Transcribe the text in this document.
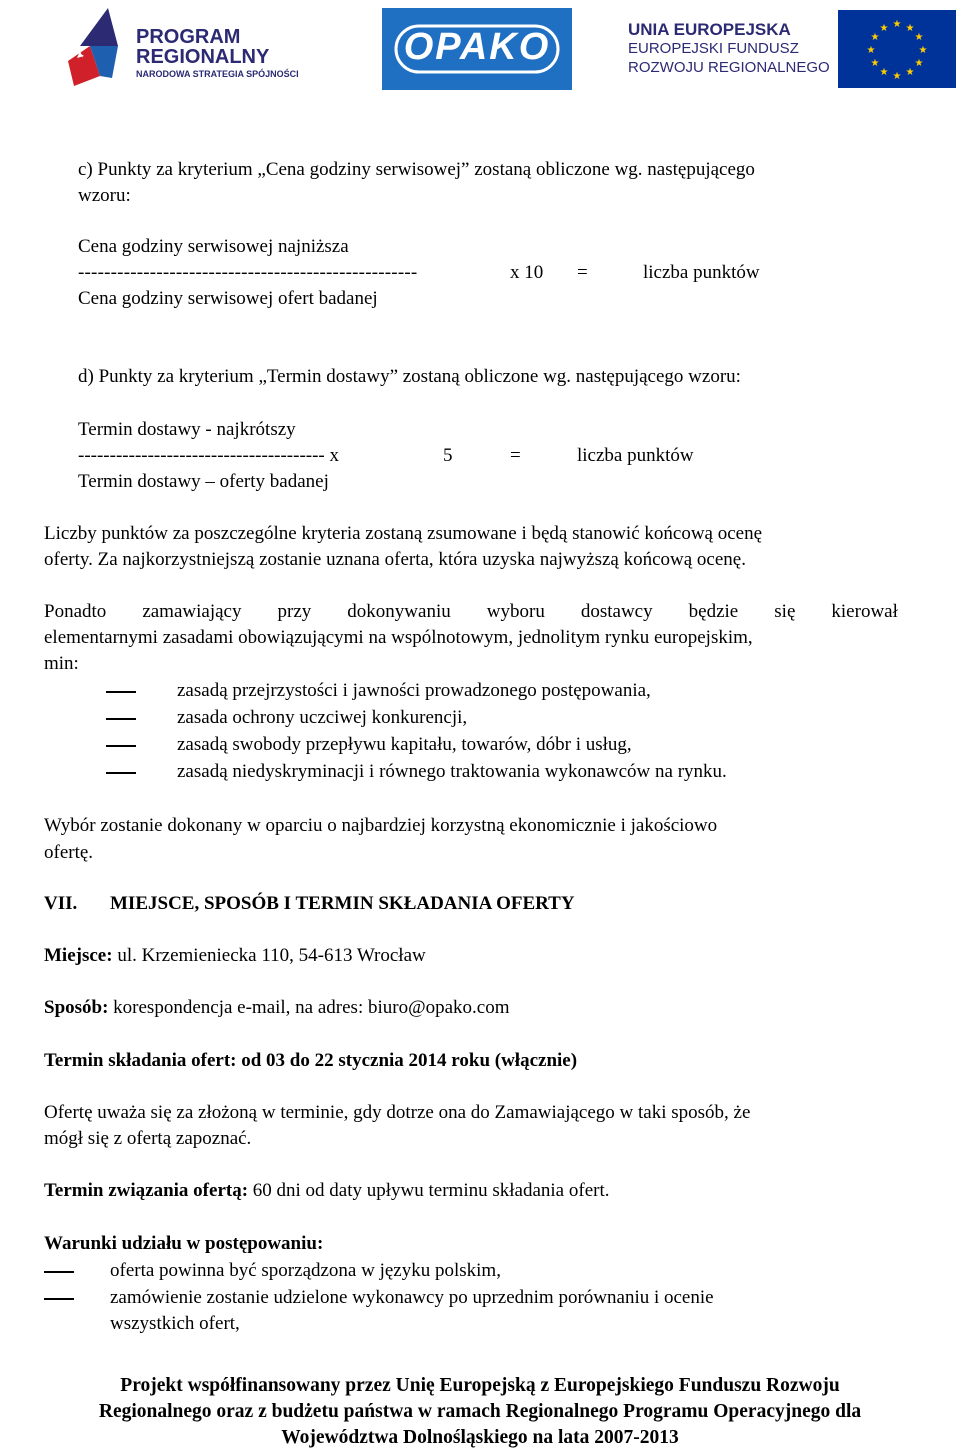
PROGRAM
REGIONALNY
NARODOWA STRATEGIA SPÓJNOŚCI
OPAKO	UNIA EUROPEJSKA
EUROPEJSKI FUNDUSZ
ROZWOJU REGIONALNEGO
★ ★
★
★
★
★
★
★
★
★
★
★
c) Punkty za kryterium „Cena godziny serwisowej” zostaną obliczone wg. następującego
wzoru:
Cena godziny serwisowej najniższa
----------------------------------------------------	x 10 =	liczba punktów
Cena godziny serwisowej ofert badanej
d) Punkty za kryterium „Termin dostawy” zostaną obliczone wg. następującego wzoru:
Termin dostawy - najkrótszy
--------------------------------------- x	5	=	liczba punktów
Termin dostawy – oferty badanej
Liczby punktów za poszczególne kryteria zostaną zsumowane i będą stanowić końcową ocenę
oferty. Za najkorzystniejszą zostanie uznana oferta, która uzyska najwyższą końcową ocenę.
Ponadto zamawiający przy dokonywaniu wyboru dostawcy będzie się kierował
elementarnymi zasadami obowiązującymi na wspólnotowym, jednolitym rynku europejskim,
min:
zasadą przejrzystości i jawności prowadzonego postępowania,
zasada ochrony uczciwej konkurencji,
zasadą swobody przepływu kapitału, towarów, dóbr i usług,
zasadą niedyskryminacji i równego traktowania wykonawców na rynku.
Wybór zostanie dokonany w oparciu o najbardziej korzystną ekonomicznie i jakościowo
ofertę.
VII. MIEJSCE, SPOSÓB I TERMIN SKŁADANIA OFERTY
Miejsce: ul. Krzemieniecka 110, 54-613 Wrocław
Sposób: korespondencja e-mail, na adres: biuro@opako.com
Termin składania ofert: od 03 do 22 stycznia 2014 roku (włącznie)
Ofertę uważa się za złożoną w terminie, gdy dotrze ona do Zamawiającego w taki sposób, że
mógł się z ofertą zapoznać.
Termin związania ofertą: 60 dni od daty upływu terminu składania ofert.
Warunki udziału w postępowaniu:
oferta powinna być sporządzona w języku polskim,
zamówienie zostanie udzielone wykonawcy po uprzednim porównaniu i ocenie
wszystkich ofert,
Projekt współfinansowany przez Unię Europejską z Europejskiego Funduszu Rozwoju
Regionalnego oraz z budżetu państwa w ramach Regionalnego Programu Operacyjnego dla
Województwa Dolnośląskiego na lata 2007-2013
